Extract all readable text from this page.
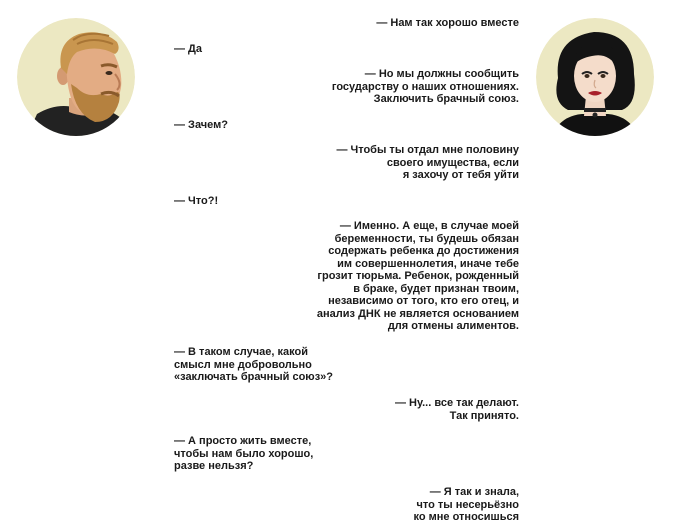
— Нам так хорошо вместе

— Да

— Но мы должны сообщить
государству о наших отношениях.
Заключить брачный союз.

— Зачем?

— Чтобы ты отдал мне половину
своего имущества, если
я захочу от тебя уйти

— Что?!

— Именно. А еще, в случае моей
беременности, ты будешь обязан
содержать ребенка до достижения
им совершеннолетия, иначе тебе
грозит тюрьма. Ребенок, рожденный
в браке, будет признан твоим,
независимо от того, кто его отец, и
анализ ДНК не является основанием
для отмены алиментов.

— В таком случае, какой
смысл мне добровольно
«заключать брачный союз»?

— Ну... все так делают.
Так принято.

— А просто жить вместе,
чтобы нам было хорошо,
разве нельзя?

— Я так и знала,
что ты несерьёзно
ко мне относишься
